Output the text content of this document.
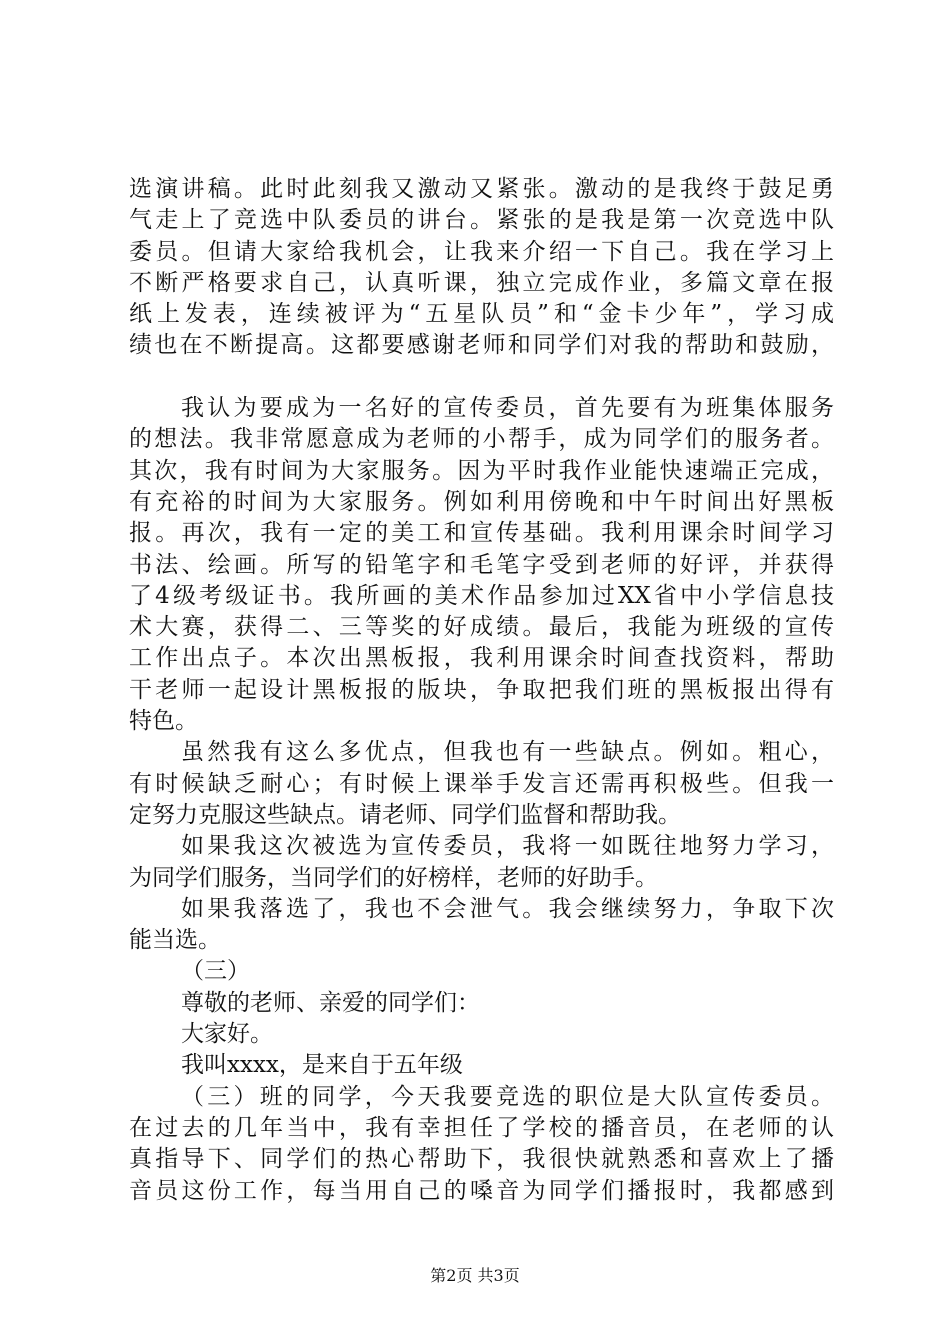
选演讲稿。此时此刻我又激动又紧张。激动的是我终于鼓足勇
气走上了竞选中队委员的讲台。紧张的是我是第一次竞选中队
委员。但请大家给我机会，让我来介绍一下自己。我在学习上
不断严格要求自己，认真听课，独立完成作业，多篇文章在报
纸上发表，连续被评为“五星队员”和“金卡少年”，学习成
绩也在不断提高。这都要感谢老师和同学们对我的帮助和鼓励，
我认为要成为一名好的宣传委员，首先要有为班集体服务
的想法。我非常愿意成为老师的小帮手，成为同学们的服务者。
其次，我有时间为大家服务。因为平时我作业能快速端正完成，
有充裕的时间为大家服务。例如利用傍晚和中午时间出好黑板
报。再次，我有一定的美工和宣传基础。我利用课余时间学习
书法、绘画。所写的铅笔字和毛笔字受到老师的好评，并获得
了4级考级证书。我所画的美术作品参加过XX省中小学信息技
术大赛，获得二、三等奖的好成绩。最后，我能为班级的宣传
工作出点子。本次出黑板报，我利用课余时间查找资料，帮助
干老师一起设计黑板报的版块，争取把我们班的黑板报出得有
特色。
虽然我有这么多优点，但我也有一些缺点。例如。粗心，
有时候缺乏耐心；有时候上课举手发言还需再积极些。但我一
定努力克服这些缺点。请老师、同学们监督和帮助我。
如果我这次被选为宣传委员，我将一如既往地努力学习，
为同学们服务，当同学们的好榜样，老师的好助手。
如果我落选了，我也不会泄气。我会继续努力，争取下次
能当选。
（三）
尊敬的老师、亲爱的同学们：
大家好。
我叫xxxx，是来自于五年级
（三）班的同学，今天我要竞选的职位是大队宣传委员。
在过去的几年当中，我有幸担任了学校的播音员，在老师的认
真指导下、同学们的热心帮助下，我很快就熟悉和喜欢上了播
音员这份工作，每当用自己的嗓音为同学们播报时，我都感到
第2页 共3页
